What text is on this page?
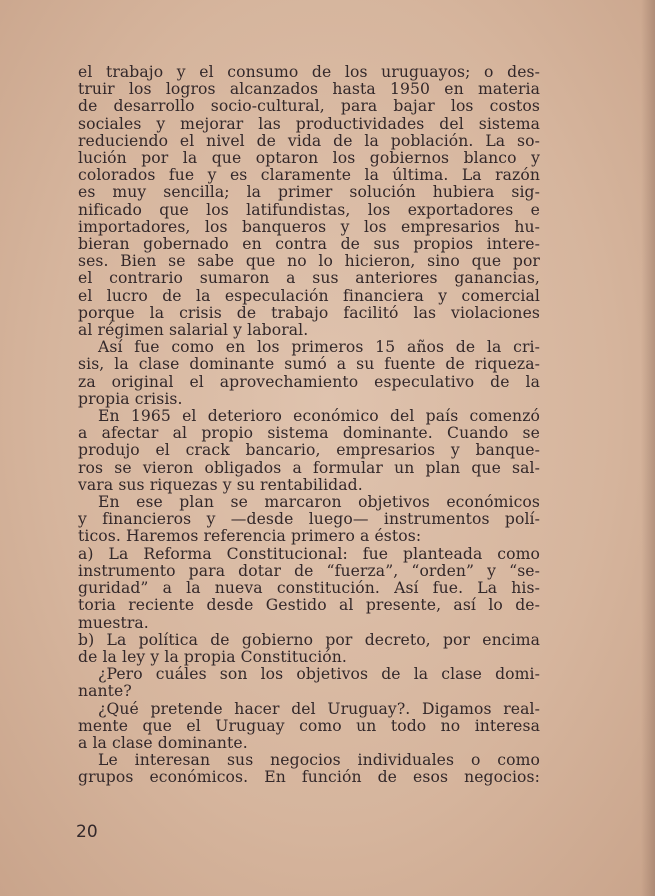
el trabajo y el consumo de los uruguayos; o des-
truir los logros alcanzados hasta 1950 en materia
de desarrollo socio-cultural, para bajar los costos
sociales y mejorar las productividades del sistema
reduciendo el nivel de vida de la población. La so-
lución por la que optaron los gobiernos blanco y
colorados fue y es claramente la última. La razón
es muy sencilla; la primer solución hubiera sig-
nificado que los latifundistas, los exportadores e
importadores, los banqueros y los empresarios hu-
bieran gobernado en contra de sus propios intere-
ses. Bien se sabe que no lo hicieron, sino que por
el contrario sumaron a sus anteriores ganancias,
el lucro de la especulación financiera y comercial
porque la crisis de trabajo facilitó las violaciones
al régimen salarial y laboral.
Así fue como en los primeros 15 años de la cri-
sis, la clase dominante sumó a su fuente de riqueza-
za original el aprovechamiento especulativo de la
propia crisis.
En 1965 el deterioro económico del país comenzó
a afectar al propio sistema dominante. Cuando se
produjo el crack bancario, empresarios y banque-
ros se vieron obligados a formular un plan que sal-
vara sus riquezas y su rentabilidad.
En ese plan se marcaron objetivos económicos
y financieros y —desde luego— instrumentos polí-
ticos. Haremos referencia primero a éstos:
a) La Reforma Constitucional: fue planteada como
instrumento para dotar de “fuerza”, “orden” y “se-
guridad” a la nueva constitución. Así fue. La his-
toria reciente desde Gestido al presente, así lo de-
muestra.
b) La política de gobierno por decreto, por encima
de la ley y la propia Constitución.
¿Pero cuáles son los objetivos de la clase domi-
nante?
¿Qué pretende hacer del Uruguay?. Digamos real-
mente que el Uruguay como un todo no interesa
a la clase dominante.
Le interesan sus negocios individuales o como
grupos económicos. En función de esos negocios:
20
